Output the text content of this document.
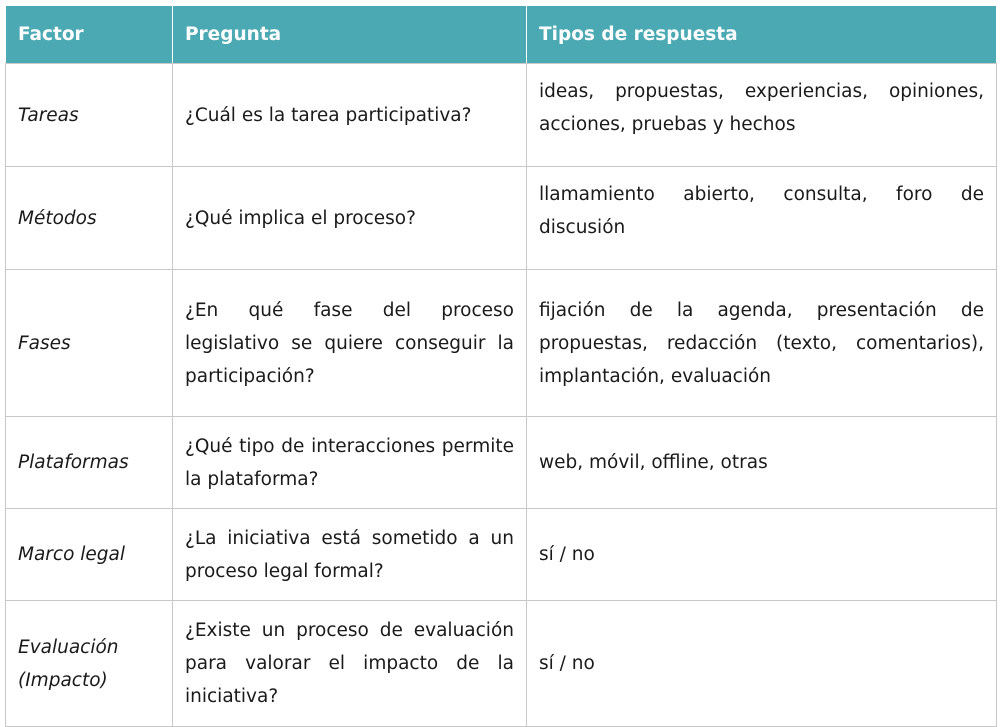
Factor	Pregunta	Tipos de respuesta
Tareas	¿Cuál es la tarea participativa?	ideas, propuestas, experiencias, opiniones, acciones, pruebas y hechos
Métodos	¿Qué implica el proceso?	llamamiento abierto, consulta, foro de discusión
Fases	¿En qué fase del proceso legislativo se quiere conseguir la participación?	fijación de la agenda, presentación de propuestas, redacción (texto, comentarios), implantación, evaluación
Plataformas	¿Qué tipo de interacciones permite la plataforma?	web, móvil, offline, otras
Marco legal	¿La iniciativa está sometido a un proceso legal formal?	sí / no
Evaluación (Impacto)	¿Existe un proceso de evaluación para valorar el impacto de la iniciativa?	sí / no
